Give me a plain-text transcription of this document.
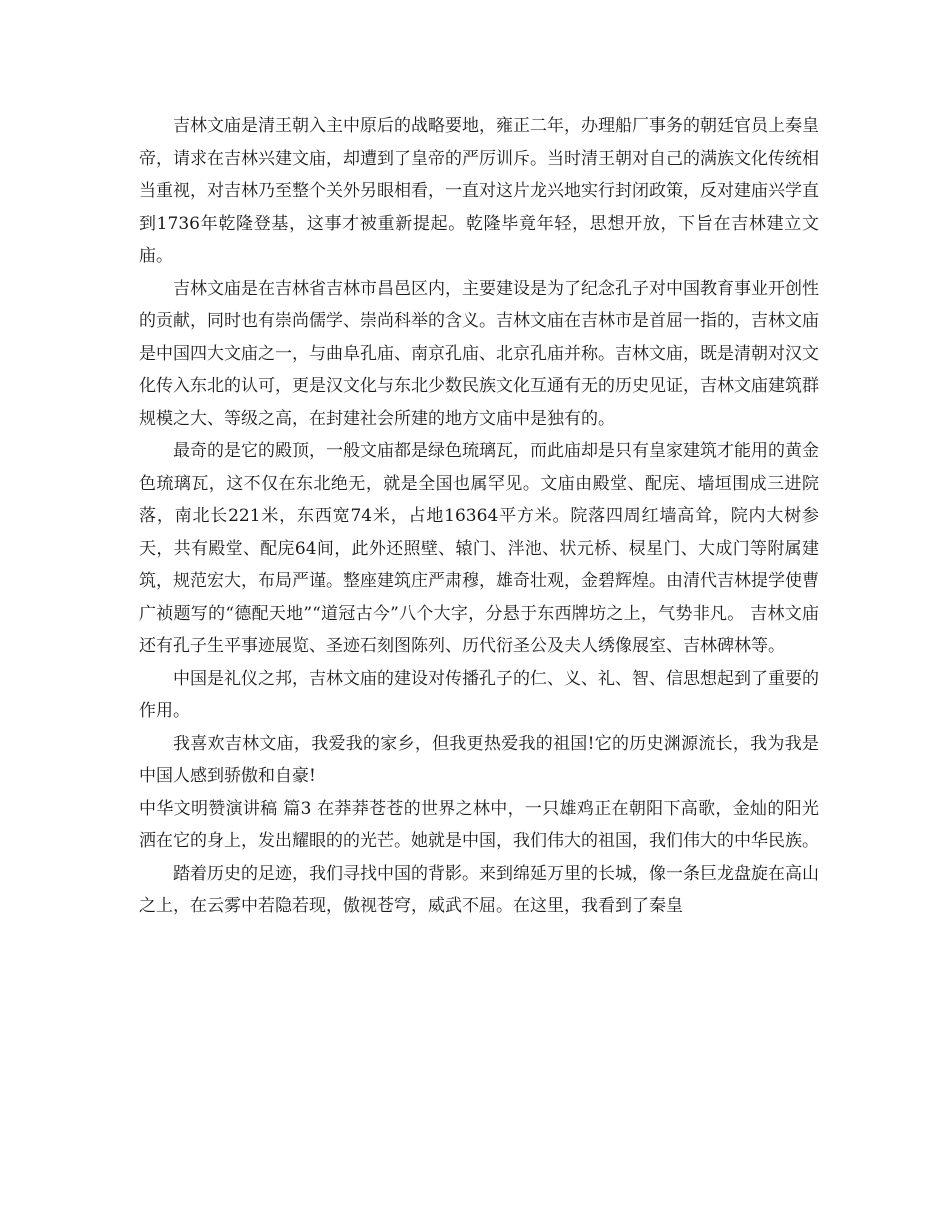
吉林文庙是清王朝入主中原后的战略要地，雍正二年，办理船厂事务的朝廷官员上奏皇帝，请求在吉林兴建文庙，却遭到了皇帝的严厉训斥。当时清王朝对自己的满族文化传统相当重视，对吉林乃至整个关外另眼相看，一直对这片龙兴地实行封闭政策，反对建庙兴学直到1736年乾隆登基，这事才被重新提起。乾隆毕竟年轻，思想开放，下旨在吉林建立文庙。

吉林文庙是在吉林省吉林市昌邑区内，主要建设是为了纪念孔子对中国教育事业开创性的贡献，同时也有崇尚儒学、崇尚科举的含义。吉林文庙在吉林市是首屈一指的，吉林文庙是中国四大文庙之一，与曲阜孔庙、南京孔庙、北京孔庙并称。吉林文庙，既是清朝对汉文化传入东北的认可，更是汉文化与东北少数民族文化互通有无的历史见证，吉林文庙建筑群规模之大、等级之高，在封建社会所建的地方文庙中是独有的。

最奇的是它的殿顶，一般文庙都是绿色琉璃瓦，而此庙却是只有皇家建筑才能用的黄金色琉璃瓦，这不仅在东北绝无，就是全国也属罕见。文庙由殿堂、配庑、墙垣围成三进院落，南北长221米，东西宽74米，占地16364平方米。院落四周红墙高耸，院内大树参天，共有殿堂、配庑64间，此外还照壁、辕门、泮池、状元桥、棂星门、大成门等附属建筑，规范宏大，布局严谨。整座建筑庄严肃穆，雄奇壮观，金碧辉煌。由清代吉林提学使曹广祯题写的“德配天地”“道冠古今”八个大字，分悬于东西牌坊之上，气势非凡。 吉林文庙还有孔子生平事迹展览、圣迹石刻图陈列、历代衍圣公及夫人绣像展室、吉林碑林等。

中国是礼仪之邦，吉林文庙的建设对传播孔子的仁、义、礼、智、信思想起到了重要的作用。

我喜欢吉林文庙，我爱我的家乡，但我更热爱我的祖国!它的历史渊源流长，我为我是中国人感到骄傲和自豪!

中华文明赞演讲稿 篇3 在莽莽苍苍的世界之林中，一只雄鸡正在朝阳下高歌，金灿的阳光洒在它的身上，发出耀眼的的光芒。她就是中国，我们伟大的祖国，我们伟大的中华民族。

踏着历史的足迹，我们寻找中国的背影。来到绵延万里的长城，像一条巨龙盘旋在高山之上，在云雾中若隐若现，傲视苍穹，威武不屈。在这里，我看到了秦皇
